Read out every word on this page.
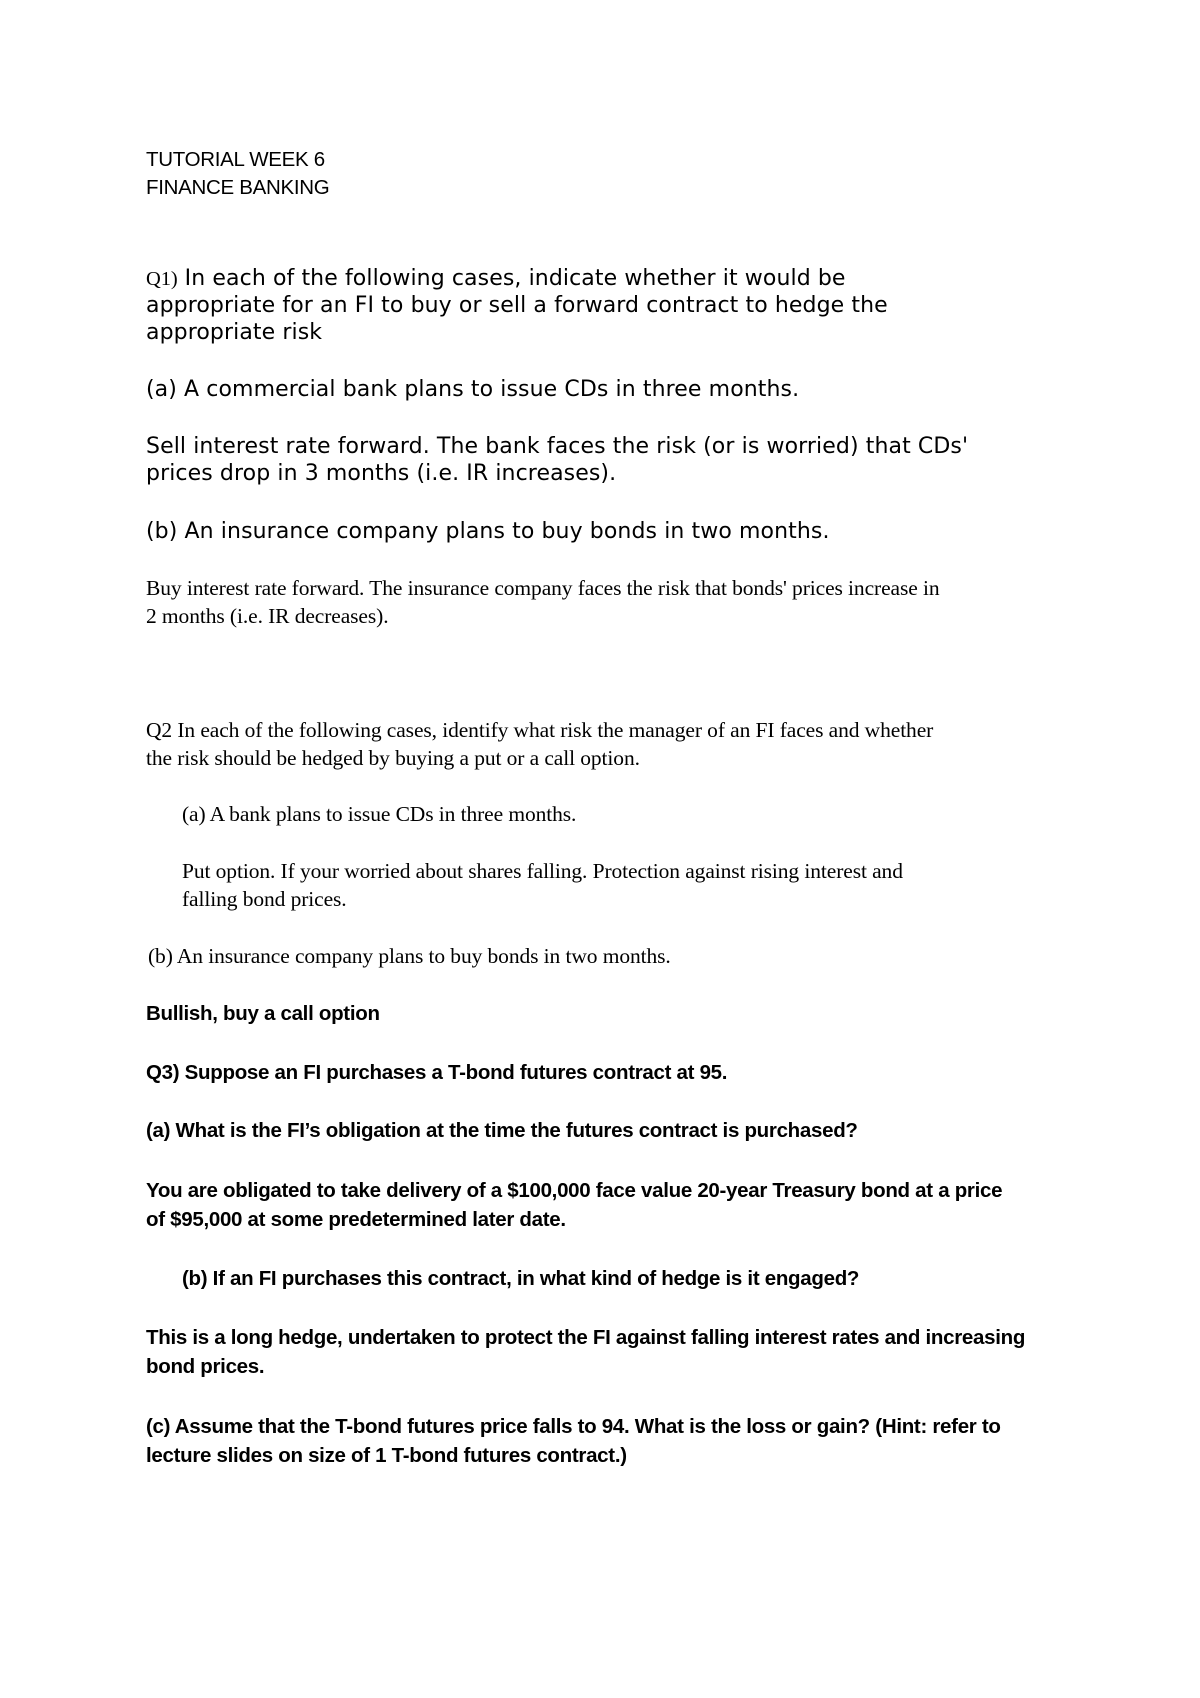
TUTORIAL WEEK 6
FINANCE BANKING
Q1) In each of the following cases, indicate whether it would be
appropriate for an FI to buy or sell a forward contract to hedge the
appropriate risk
(a) A commercial bank plans to issue CDs in three months.
Sell interest rate forward. The bank faces the risk (or is worried) that CDs'
prices drop in 3 months (i.e. IR increases).
(b) An insurance company plans to buy bonds in two months.
Buy interest rate forward. The insurance company faces the risk that bonds' prices increase in
2 months (i.e. IR decreases).
Q2 In each of the following cases, identify what risk the manager of an FI faces and whether
the risk should be hedged by buying a put or a call option.
(a) A bank plans to issue CDs in three months.
Put option. If your worried about shares falling. Protection against rising interest and
falling bond prices.
(b) An insurance company plans to buy bonds in two months.
Bullish, buy a call option
Q3) Suppose an FI purchases a T-bond futures contract at 95.
(a) What is the FI’s obligation at the time the futures contract is purchased?
You are obligated to take delivery of a $100,000 face value 20-year Treasury bond at a price
of $95,000 at some predetermined later date.
(b) If an FI purchases this contract, in what kind of hedge is it engaged?
This is a long hedge, undertaken to protect the FI against falling interest rates and increasing
bond prices.
(c) Assume that the T-bond futures price falls to 94. What is the loss or gain? (Hint: refer to
lecture slides on size of 1 T-bond futures contract.)
